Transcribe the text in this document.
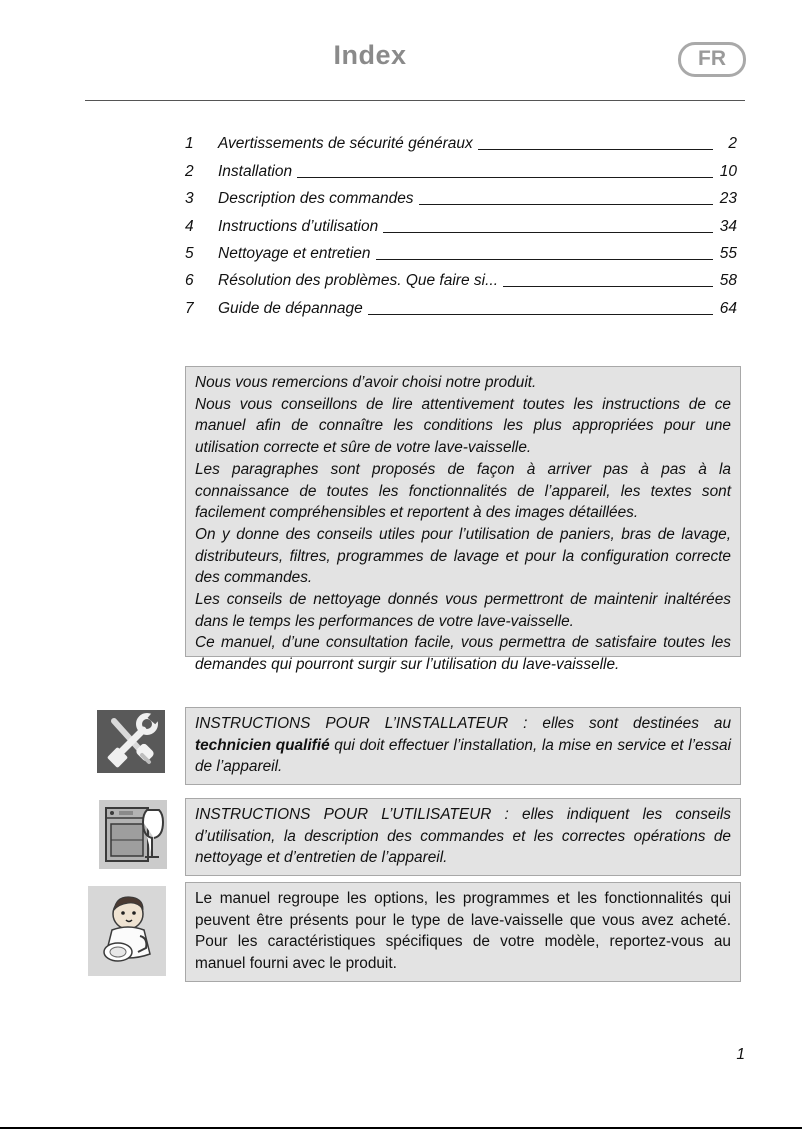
Index	FR
1	Avertissements de sécurité généraux	2
2	Installation	10
3	Description des commandes	23
4	Instructions d’utilisation	34
5	Nettoyage et entretien	55
6	Résolution des problèmes. Que faire si...	58
7	Guide de dépannage	64

Nous vous remercions d’avoir choisi notre produit.

Nous vous conseillons de lire attentivement toutes les instructions de ce manuel afin de connaître les conditions les plus appropriées pour une utilisation correcte et sûre de votre lave-vaisselle.

Les paragraphes sont proposés de façon à arriver pas à pas à la connaissance de toutes les fonctionnalités de l’appareil, les textes sont facilement compréhensibles et reportent à des images détaillées.

On y donne des conseils utiles pour l’utilisation de paniers, bras de lavage, distributeurs, filtres, programmes de lavage et pour la configuration correcte des commandes.

Les conseils de nettoyage donnés vous permettront de maintenir inaltérées dans le temps les performances de votre lave-vaisselle.

Ce manuel, d’une consultation facile, vous permettra de satisfaire toutes les demandes qui pourront surgir sur l’utilisation du lave-vaisselle.

INSTRUCTIONS POUR L’INSTALLATEUR : elles sont destinées au technicien qualifié qui doit effectuer l’installation, la mise en service et l’essai de l’appareil.

INSTRUCTIONS POUR L’UTILISATEUR : elles indiquent les conseils d’utilisation, la description des commandes et les correctes opérations de nettoyage et d’entretien de l’appareil.

Le manuel regroupe les options, les programmes et les fonctionnalités qui peuvent être présents pour le type de lave-vaisselle que vous avez acheté. Pour les caractéristiques spécifiques de votre modèle, reportez-vous au manuel fourni avec le produit.

1
